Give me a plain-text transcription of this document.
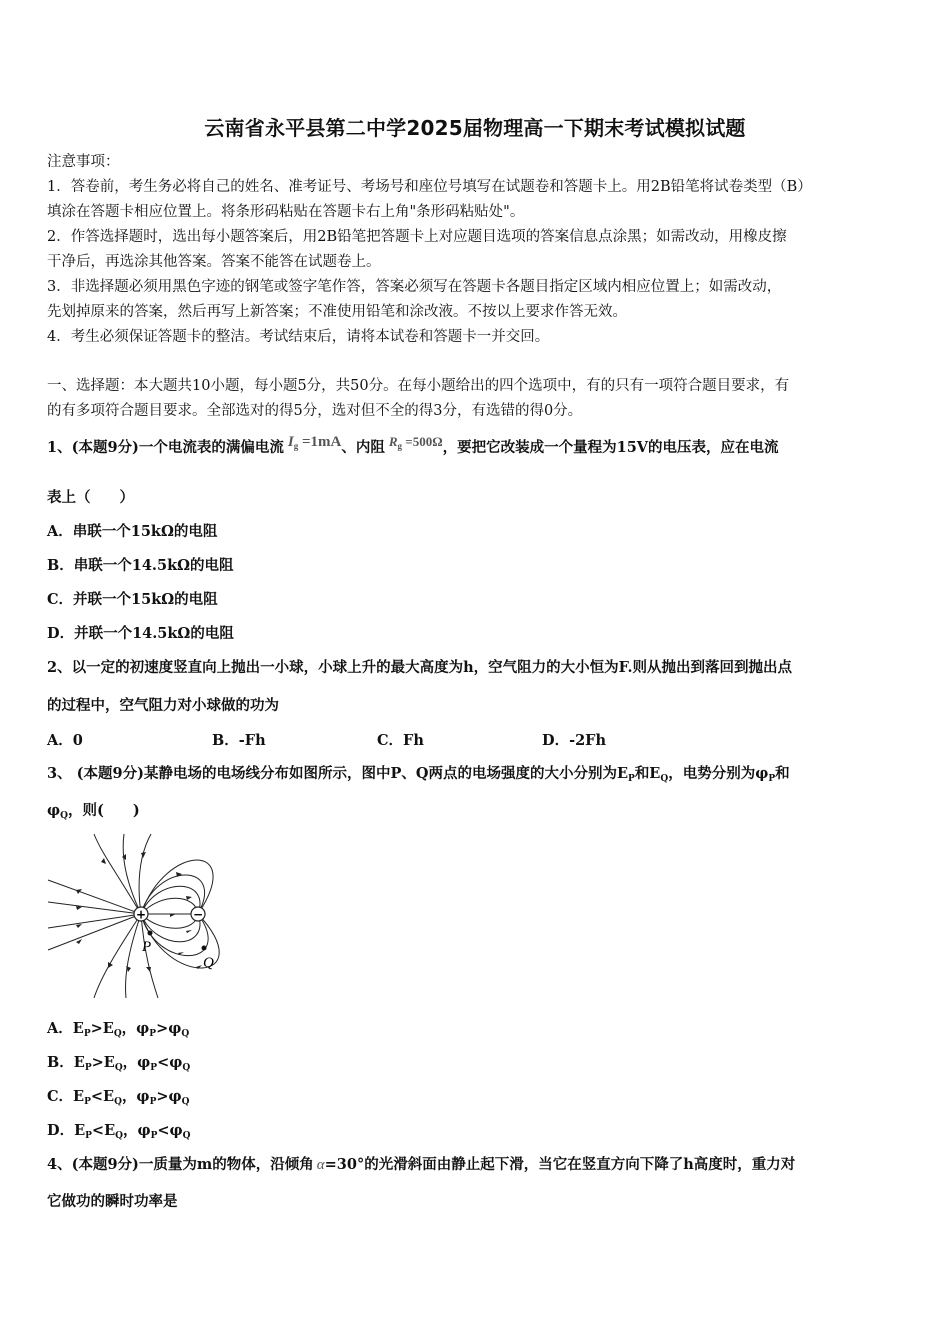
云南省永平县第二中学2025届物理高一下期末考试模拟试题
注意事项：
1．答卷前，考生务必将自己的姓名、准考证号、考场号和座位号填写在试题卷和答题卡上。用2B铅笔将试卷类型（B）
填涂在答题卡相应位置上。将条形码粘贴在答题卡右上角"条形码粘贴处"。
2．作答选择题时，选出每小题答案后，用2B铅笔把答题卡上对应题目选项的答案信息点涂黑；如需改动，用橡皮擦
干净后，再选涂其他答案。答案不能答在试题卷上。
3．非选择题必须用黑色字迹的钢笔或签字笔作答，答案必须写在答题卡各题目指定区域内相应位置上；如需改动，
先划掉原来的答案，然后再写上新答案；不准使用铅笔和涂改液。不按以上要求作答无效。
4．考生必须保证答题卡的整洁。考试结束后，请将本试卷和答题卡一并交回。
一、选择题：本大题共10小题，每小题5分，共50分。在每小题给出的四个选项中，有的只有一项符合题目要求，有
的有多项符合题目要求。全部选对的得5分，选对但不全的得3分，有选错的得0分。
1、(本题9分)一个电流表的满偏电流 $I_g =1mA$、内阻 $R_g =500\Omega$，要把它改装成一个量程为15V的电压表，应在电流
表上（　　）
A．串联一个15kΩ的电阻
B．串联一个14.5kΩ的电阻
C．并联一个15kΩ的电阻
D．并联一个14.5kΩ的电阻
2、以一定的初速度竖直向上抛出一小球，小球上升的最大高度为h，空气阻力的大小恒为F.则从抛出到落回到抛出点
的过程中，空气阻力对小球做的功为
A．0	B．-Fh	C．Fh	D．-2Fh
3、 (本题9分)某静电场的电场线分布如图所示，图中P、Q两点的电场强度的大小分别为$E_P$和$E_Q$，电势分别为$\varphi_P$和
$\varphi_Q$，则(　　)
+	−
P
Q
A．$E_P>E_Q$，$\varphi_P>\varphi_Q$
B．$E_P>E_Q$，$\varphi_P<\varphi_Q$
C．$E_P<E_Q$，$\varphi_P>\varphi_Q$
D．$E_P<E_Q$，$\varphi_P<\varphi_Q$
4、(本题9分)一质量为m的物体，沿倾角 α=30°的光滑斜面由静止起下滑，当它在竖直方向下降了h高度时，重力对
它做功的瞬时功率是
